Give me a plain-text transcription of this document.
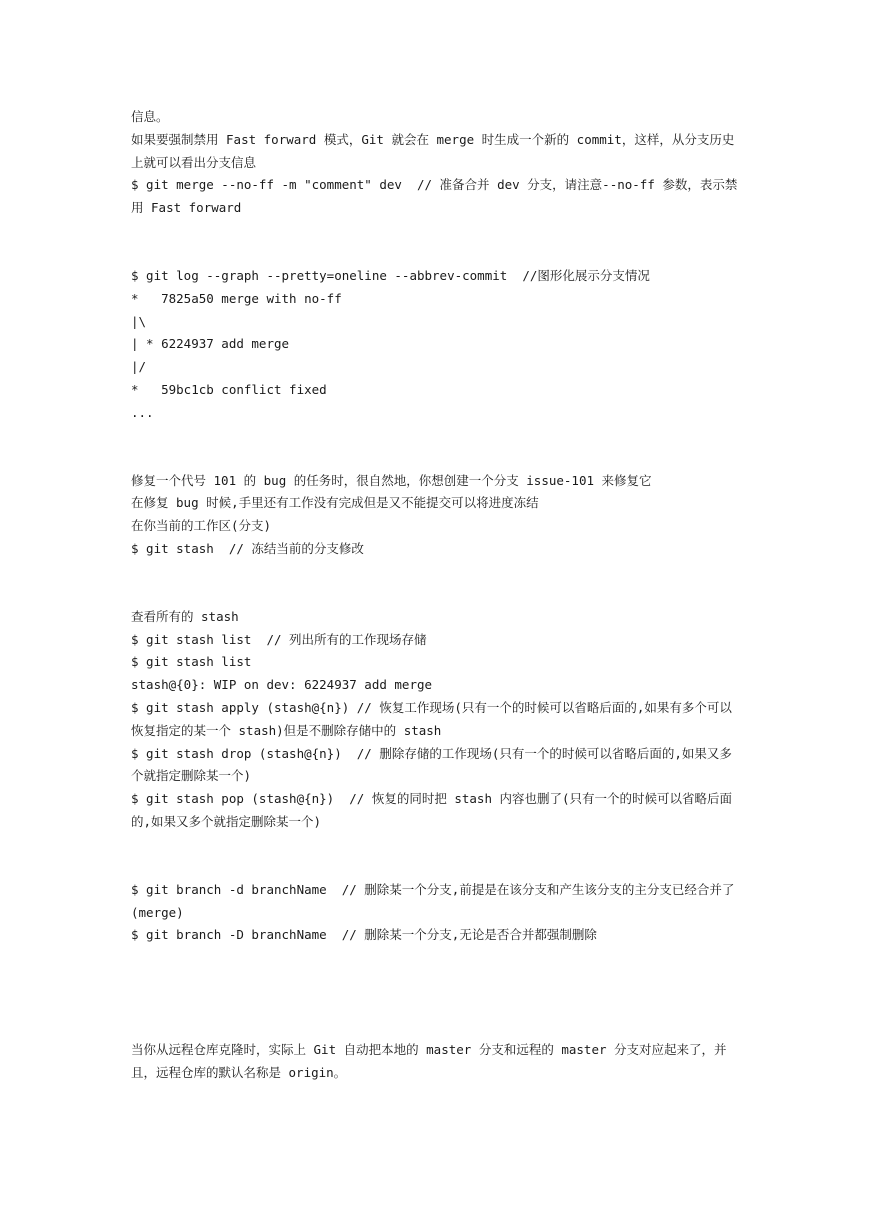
信息。
如果要强制禁用 Fast forward 模式，Git 就会在 merge 时生成一个新的 commit，这样，从分支历史上就可以看出分支信息
$ git merge --no-ff -m "comment" dev  // 准备合并 dev 分支，请注意--no-ff 参数，表示禁用 Fast forward
$ git log --graph --pretty=oneline --abbrev-commit  //图形化展示分支情况
*   7825a50 merge with no-ff
|\
| * 6224937 add merge
|/
*   59bc1cb conflict fixed
...
修复一个代号 101 的 bug 的任务时，很自然地，你想创建一个分支 issue-101 来修复它
在修复 bug 时候,手里还有工作没有完成但是又不能提交可以将进度冻结
在你当前的工作区(分支)
$ git stash  // 冻结当前的分支修改
查看所有的 stash
$ git stash list  // 列出所有的工作现场存储
$ git stash list
stash@{0}: WIP on dev: 6224937 add merge
$ git stash apply (stash@{n}) // 恢复工作现场(只有一个的时候可以省略后面的,如果有多个可以恢复指定的某一个 stash)但是不删除存储中的 stash
$ git stash drop (stash@{n})  // 删除存储的工作现场(只有一个的时候可以省略后面的,如果又多个就指定删除某一个)
$ git stash pop (stash@{n})  // 恢复的同时把 stash 内容也删了(只有一个的时候可以省略后面的,如果又多个就指定删除某一个)
$ git branch -d branchName  // 删除某一个分支,前提是在该分支和产生该分支的主分支已经合并了(merge)
$ git branch -D branchName  // 删除某一个分支,无论是否合并都强制删除
当你从远程仓库克隆时，实际上 Git 自动把本地的 master 分支和远程的 master 分支对应起来了，并且，远程仓库的默认名称是 origin。
